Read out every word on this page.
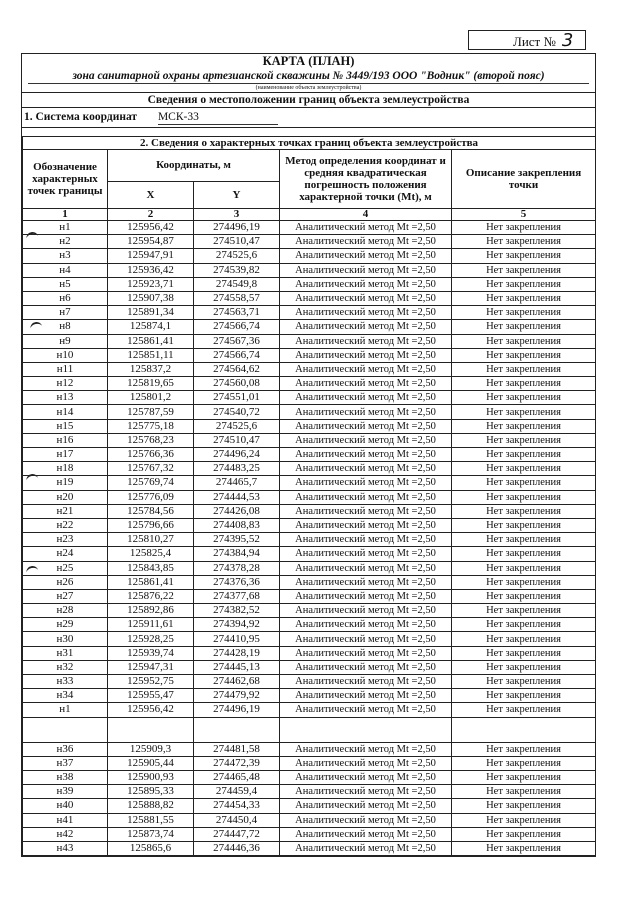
Лист № 3
КАРТА (ПЛАН)
зона санитарной охраны артезианской скважины № 3449/193 ООО "Водник" (второй пояс)
(наименование объекта землеустройства)
Сведения о местоположении границ объекта землеустройства
1. Система координат МСК-33
2. Сведения о характерных точках границ объекта землеустройства				
Обозначение характерных точек границы	Координаты, м		Метод определения координат и средняя квадратическая погрешность положения характерной точки (Mt), м	Описание закрепления точки
	X	Y		
1	2	3	4	5
н1	125956,42	274496,19	Аналитический метод Mt =2,50	Нет закрепления
н2	125954,87	274510,47	Аналитический метод Mt =2,50	Нет закрепления
н3	125947,91	274525,6	Аналитический метод Mt =2,50	Нет закрепления
н4	125936,42	274539,82	Аналитический метод Mt =2,50	Нет закрепления
н5	125923,71	274549,8	Аналитический метод Mt =2,50	Нет закрепления
н6	125907,38	274558,57	Аналитический метод Mt =2,50	Нет закрепления
н7	125891,34	274563,71	Аналитический метод Mt =2,50	Нет закрепления
н8	125874,1	274566,74	Аналитический метод Mt =2,50	Нет закрепления
н9	125861,41	274567,36	Аналитический метод Mt =2,50	Нет закрепления
н10	125851,11	274566,74	Аналитический метод Mt =2,50	Нет закрепления
н11	125837,2	274564,62	Аналитический метод Mt =2,50	Нет закрепления
н12	125819,65	274560,08	Аналитический метод Mt =2,50	Нет закрепления
н13	125801,2	274551,01	Аналитический метод Mt =2,50	Нет закрепления
н14	125787,59	274540,72	Аналитический метод Mt =2,50	Нет закрепления
н15	125775,18	274525,6	Аналитический метод Mt =2,50	Нет закрепления
н16	125768,23	274510,47	Аналитический метод Mt =2,50	Нет закрепления
н17	125766,36	274496,24	Аналитический метод Mt =2,50	Нет закрепления
н18	125767,32	274483,25	Аналитический метод Mt =2,50	Нет закрепления
н19	125769,74	274465,7	Аналитический метод Mt =2,50	Нет закрепления
н20	125776,09	274444,53	Аналитический метод Mt =2,50	Нет закрепления
н21	125784,56	274426,08	Аналитический метод Mt =2,50	Нет закрепления
н22	125796,66	274408,83	Аналитический метод Mt =2,50	Нет закрепления
н23	125810,27	274395,52	Аналитический метод Mt =2,50	Нет закрепления
н24	125825,4	274384,94	Аналитический метод Mt =2,50	Нет закрепления
н25	125843,85	274378,28	Аналитический метод Mt =2,50	Нет закрепления
н26	125861,41	274376,36	Аналитический метод Mt =2,50	Нет закрепления
н27	125876,22	274377,68	Аналитический метод Mt =2,50	Нет закрепления
н28	125892,86	274382,52	Аналитический метод Mt =2,50	Нет закрепления
н29	125911,61	274394,92	Аналитический метод Mt =2,50	Нет закрепления
н30	125928,25	274410,95	Аналитический метод Mt =2,50	Нет закрепления
н31	125939,74	274428,19	Аналитический метод Mt =2,50	Нет закрепления
н32	125947,31	274445,13	Аналитический метод Mt =2,50	Нет закрепления
н33	125952,75	274462,68	Аналитический метод Mt =2,50	Нет закрепления
н34	125955,47	274479,92	Аналитический метод Mt =2,50	Нет закрепления
н1	125956,42	274496,19	Аналитический метод Mt =2,50	Нет закрепления

н36	125909,3	274481,58	Аналитический метод Mt =2,50	Нет закрепления
н37	125905,44	274472,39	Аналитический метод Mt =2,50	Нет закрепления
н38	125900,93	274465,48	Аналитический метод Mt =2,50	Нет закрепления
н39	125895,33	274459,4	Аналитический метод Mt =2,50	Нет закрепления
н40	125888,82	274454,33	Аналитический метод Mt =2,50	Нет закрепления
н41	125881,55	274450,4	Аналитический метод Mt =2,50	Нет закрепления
н42	125873,74	274447,72	Аналитический метод Mt =2,50	Нет закрепления
н43	125865,6	274446,36	Аналитический метод Mt =2,50	Нет закрепления
